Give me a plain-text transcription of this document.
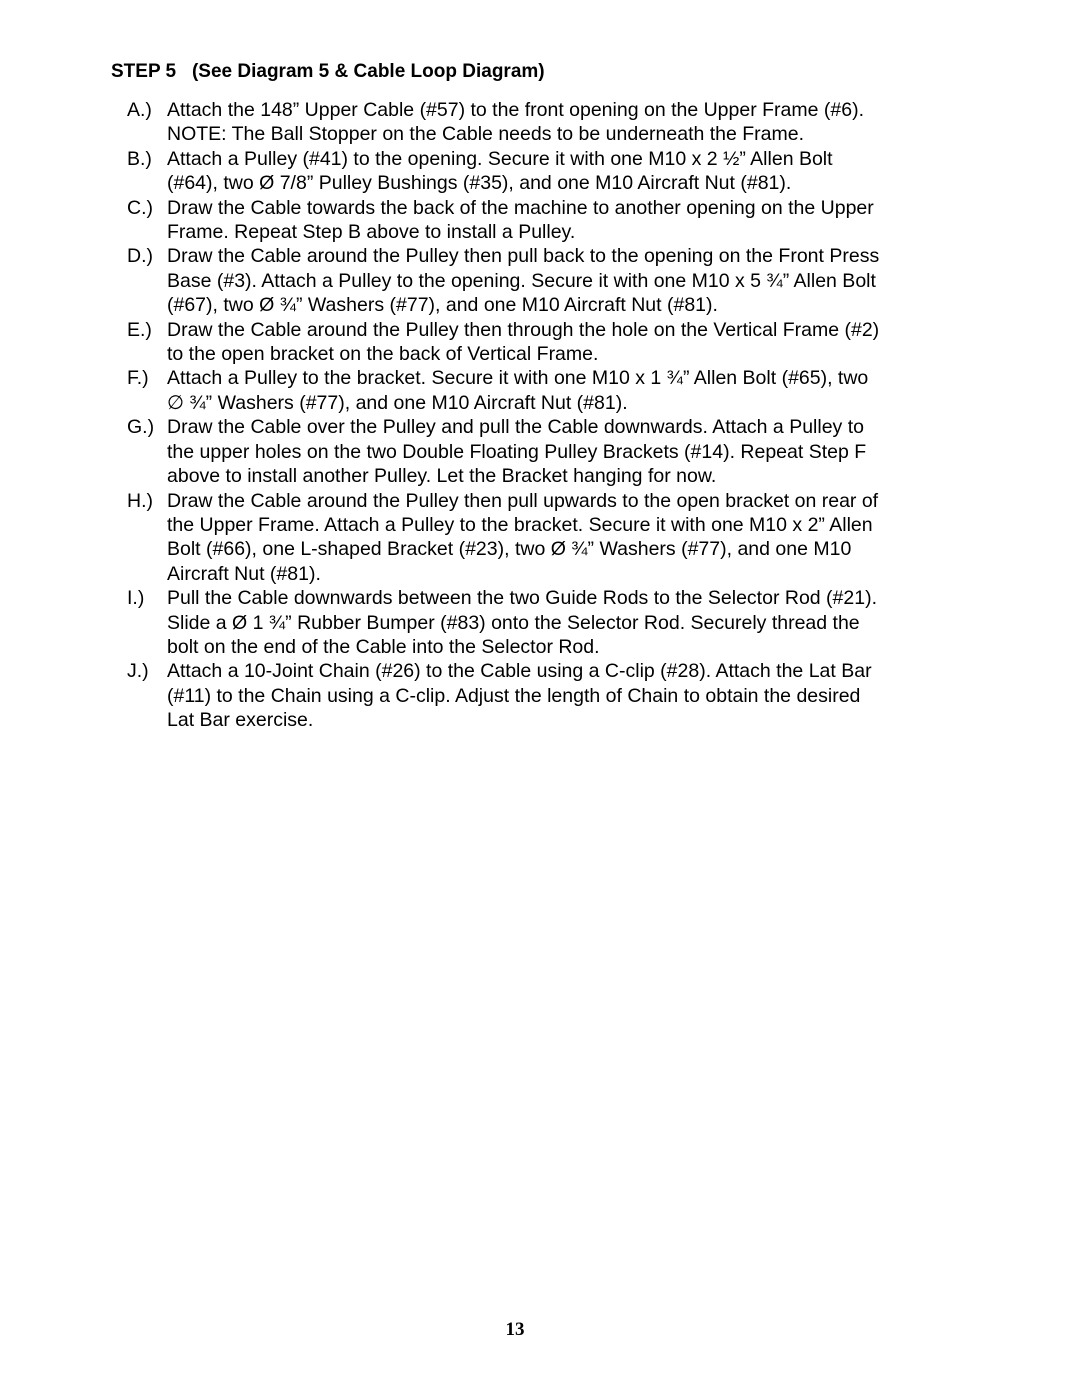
STEP 5   (See Diagram 5 & Cable Loop Diagram)
A.) Attach the 148” Upper Cable (#57) to the front opening on the Upper Frame (#6).
NOTE: The Ball Stopper on the Cable needs to be underneath the Frame.
B.) Attach a Pulley (#41) to the opening. Secure it with one M10 x 2 ½” Allen Bolt
(#64), two Ø 7/8” Pulley Bushings (#35), and one M10 Aircraft Nut (#81).
C.) Draw the Cable towards the back of the machine to another opening on the Upper
Frame. Repeat Step B above to install a Pulley.
D.) Draw the Cable around the Pulley then pull back to the opening on the Front Press
Base (#3). Attach a Pulley to the opening. Secure it with one M10 x 5 ¾” Allen Bolt
(#67), two Ø ¾” Washers (#77), and one M10 Aircraft Nut (#81).
E.) Draw the Cable around the Pulley then through the hole on the Vertical Frame (#2)
to the open bracket on the back of Vertical Frame.
F.) Attach a Pulley to the bracket. Secure it with one M10 x 1 ¾” Allen Bolt (#65), two
∅ ¾” Washers (#77), and one M10 Aircraft Nut (#81).
G.) Draw the Cable over the Pulley and pull the Cable downwards. Attach a Pulley to
the upper holes on the two Double Floating Pulley Brackets (#14). Repeat Step F
above to install another Pulley. Let the Bracket hanging for now.
H.) Draw the Cable around the Pulley then pull upwards to the open bracket on rear of
the Upper Frame. Attach a Pulley to the bracket. Secure it with one M10 x 2” Allen
Bolt (#66), one L-shaped Bracket (#23), two Ø ¾” Washers (#77), and one M10
Aircraft Nut (#81).
I.)	Pull the Cable downwards between the two Guide Rods to the Selector Rod (#21).
Slide a Ø 1 ¾” Rubber Bumper (#83) onto the Selector Rod. Securely thread the
bolt on the end of the Cable into the Selector Rod.
J.) Attach a 10-Joint Chain (#26) to the Cable using a C-clip (#28). Attach the Lat Bar
(#11) to the Chain using a C-clip. Adjust the length of Chain to obtain the desired
Lat Bar exercise.
13
